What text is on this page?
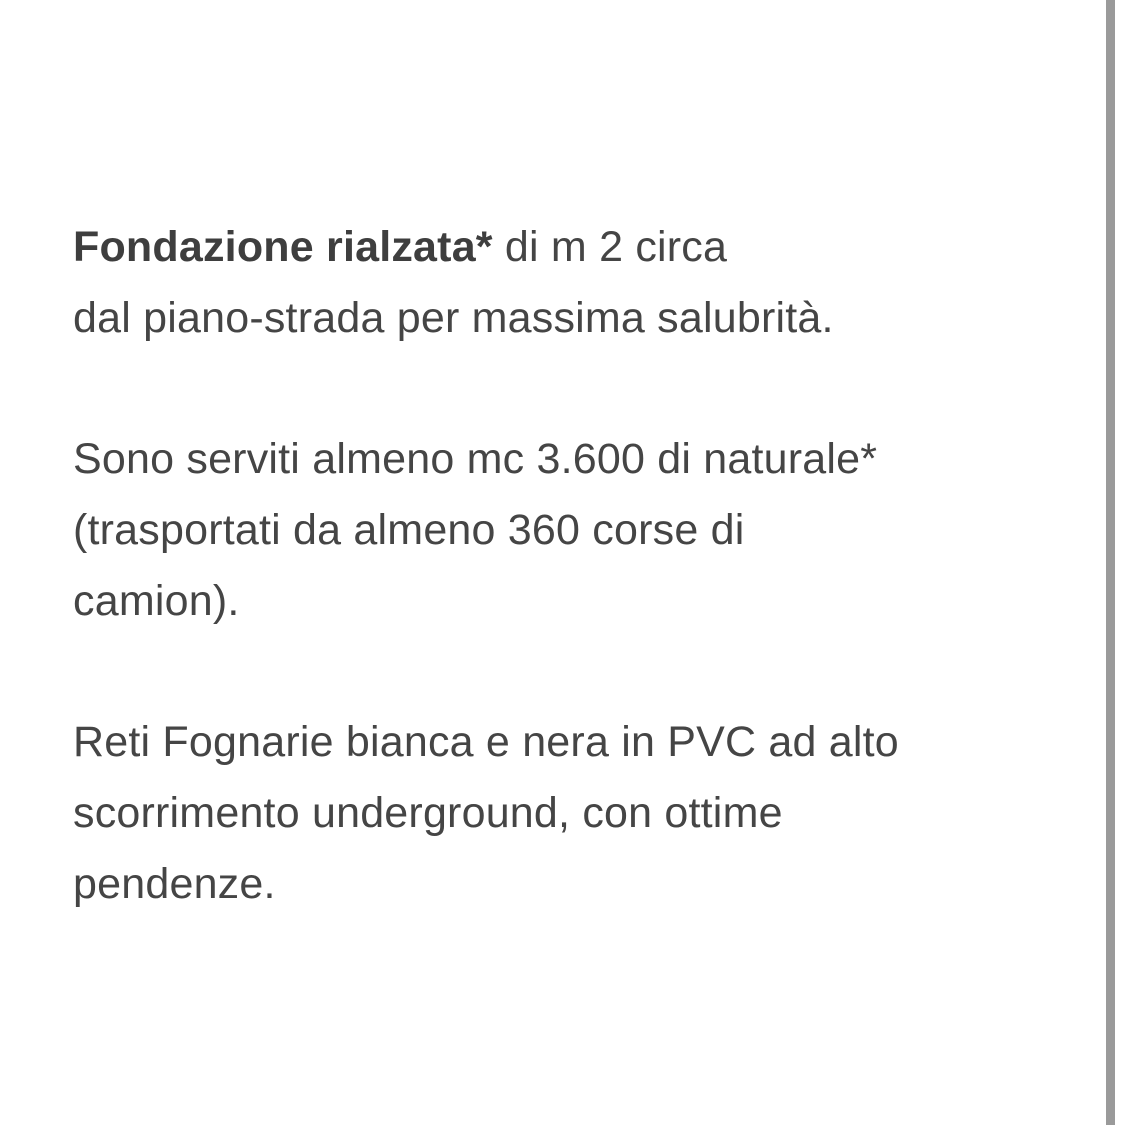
Fondazione rialzata* di m 2 circa
dal piano-strada per massima salubrità.

Sono serviti almeno mc 3.600 di naturale*
(trasportati da almeno 360 corse di
camion).

Reti Fognarie bianca e nera in PVC ad alto
scorrimento underground, con ottime
pendenze.
